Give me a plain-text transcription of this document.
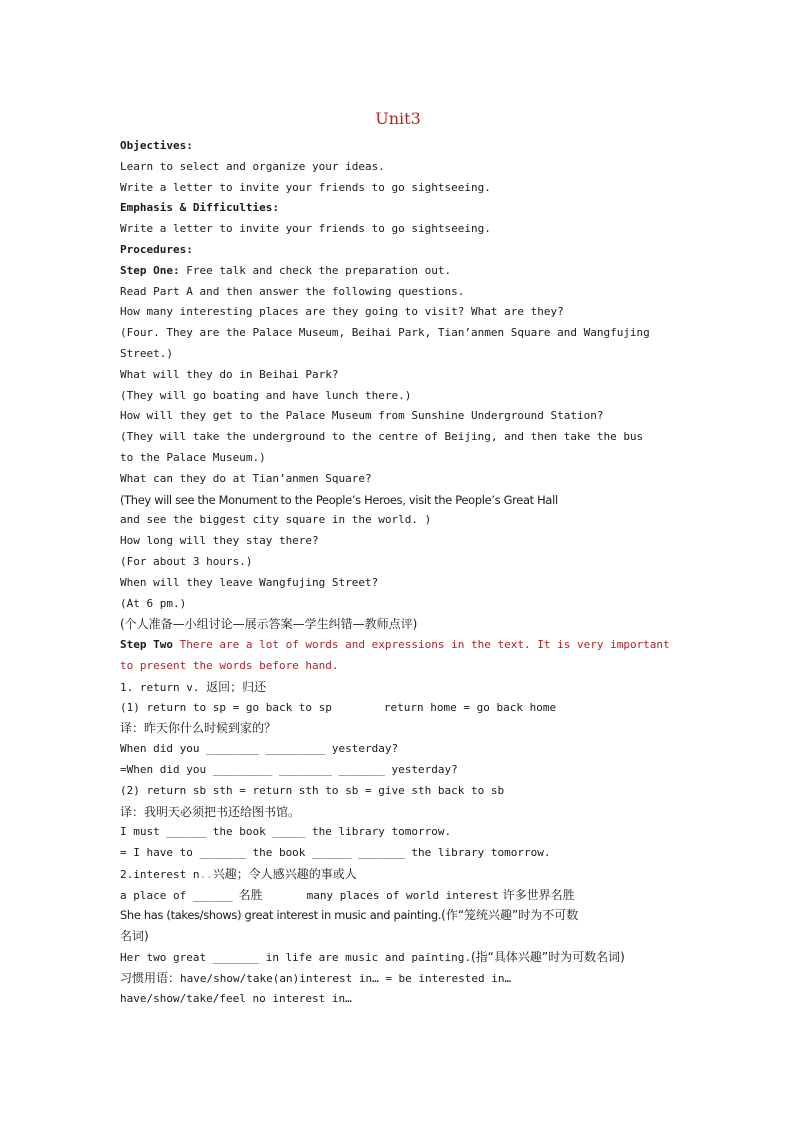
Unit3
Objectives:
Learn to select and organize your ideas.
Write a letter to invite your friends to go sightseeing.
Emphasis & Difficulties:
Write a letter to invite your friends to go sightseeing.
Procedures:
Step One: Free talk and check the preparation out.
Read Part A and then answer the following questions.
How many interesting places are they going to visit? What are they?
(Four. They are the Palace Museum, Beihai Park, Tian’anmen Square and Wangfujing
Street.)
What will they do in Beihai Park?
(They will go boating and have lunch there.)
How will they get to the Palace Museum from Sunshine Underground Station?
(They will take the underground to the centre of Beijing, and then take the bus
to the Palace Museum.)
What can they do at Tian’anmen Square?
(They will see the Monument to the People’s Heroes, visit the People’s Great Hall
and see the biggest city square in the world. )
How long will they stay there?
(For about 3 hours.)
When will they leave Wangfujing Street?
(At 6 pm.)
(个人准备—小组讨论—展示答案—学生纠错—教师点评)
Step Two There are a lot of words and expressions in the text. It is very important
to present the words before hand.
1. return v. 返回；归还
(1) return to sp = go back to sp	return home = go back home
译：昨天你什么时候到家的？
When did you ________ _________ yesterday?
=When did you _________ ________ _______ yesterday?
(2) return sb sth = return sth to sb = give sth back to sb
译：我明天必须把书还给图书馆。
I must ______ the book _____ the library tomorrow.
= I have to _______ the book ______ _______ the library tomorrow.
2.interest n..兴趣；令人感兴趣的事或人
a place of ______ 名胜	many places of world interest 许多世界名胜
She has (takes/shows) great interest in music and painting.(作“笼统兴趣”时为不可数
名词)
Her two great _______ in life are music and painting.(指“具体兴趣”时为可数名词)
习惯用语：have/show/take(an)interest in… = be interested in…
have/show/take/feel no interest in…
